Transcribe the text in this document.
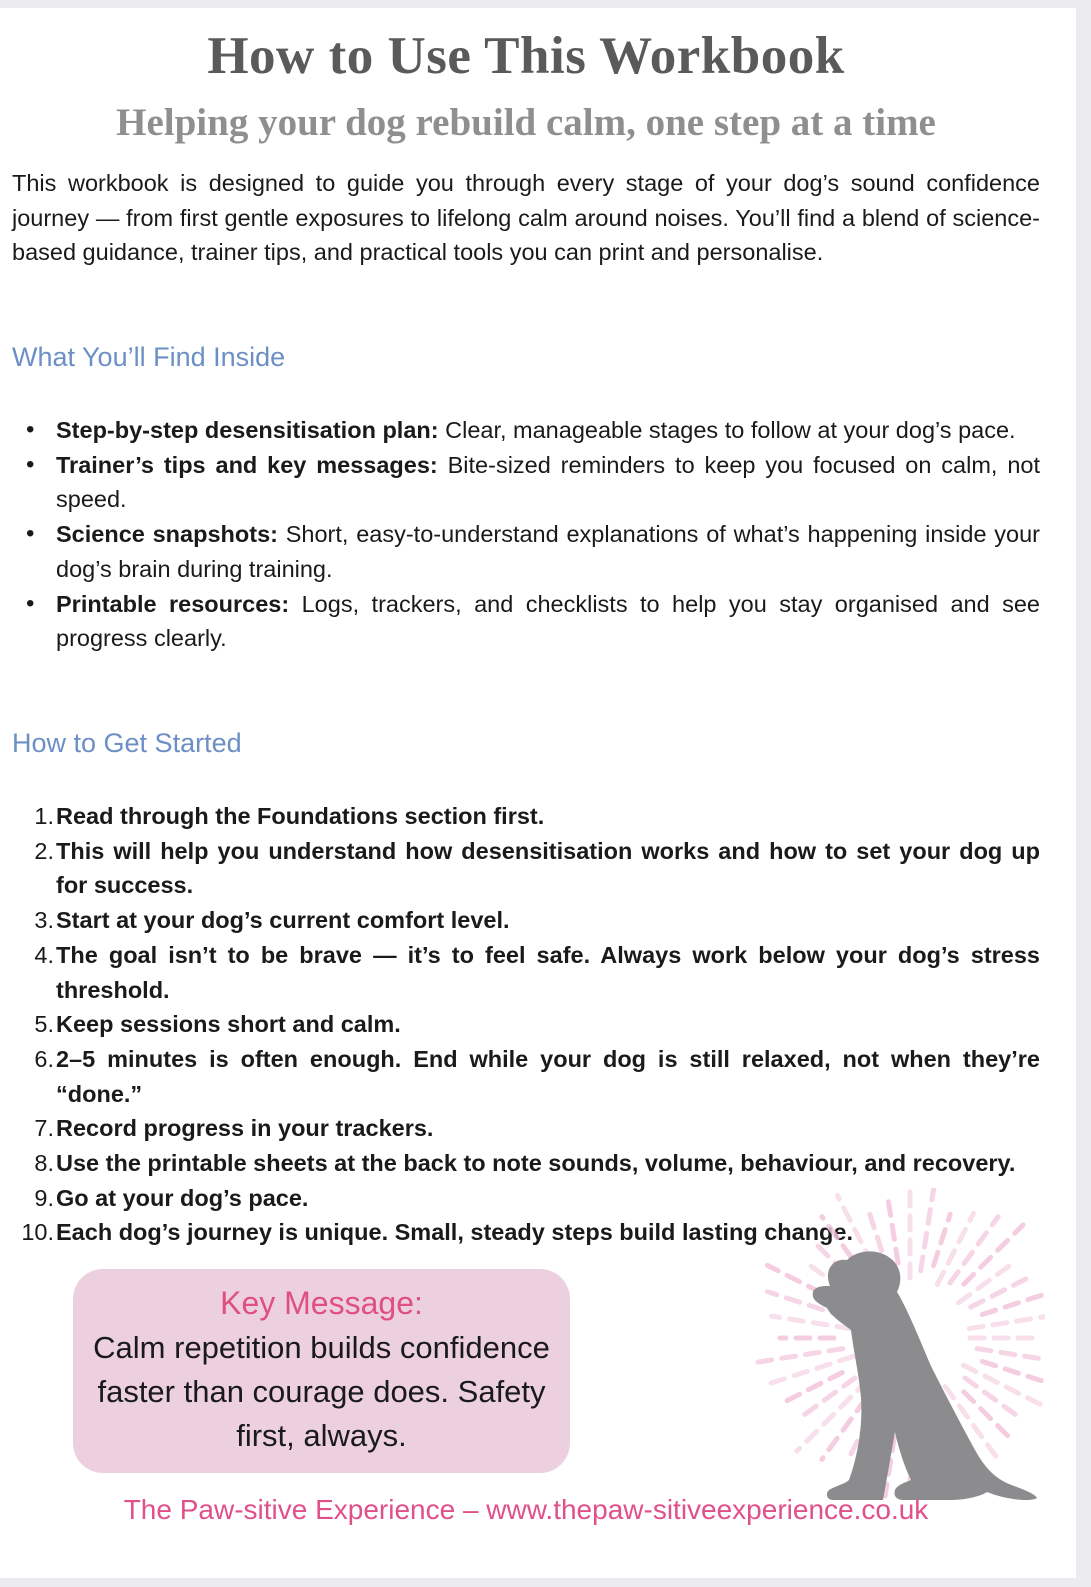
How to Use This Workbook
Helping your dog rebuild calm, one step at a time

This workbook is designed to guide you through every stage of your dog’s sound confidence journey — from first gentle exposures to lifelong calm around noises. You’ll find a blend of science-based guidance, trainer tips, and practical tools you can print and personalise.

What You’ll Find Inside
• Step-by-step desensitisation plan: Clear, manageable stages to follow at your dog’s pace.
• Trainer’s tips and key messages: Bite-sized reminders to keep you focused on calm, not speed.
• Science snapshots: Short, easy-to-understand explanations of what’s happening inside your dog’s brain during training.
• Printable resources: Logs, trackers, and checklists to help you stay organised and see progress clearly.
How to Get Started
1. Read through the Foundations section first.
2. This will help you understand how desensitisation works and how to set your dog up for success.
3. Start at your dog’s current comfort level.
4. The goal isn’t to be brave — it’s to feel safe. Always work below your dog’s stress threshold.
5. Keep sessions short and calm.
6. 2–5 minutes is often enough. End while your dog is still relaxed, not when they’re “done.”
7. Record progress in your trackers.
8. Use the printable sheets at the back to note sounds, volume, behaviour, and recovery.
9. Go at your dog’s pace.
10. Each dog’s journey is unique. Small, steady steps build lasting change.
Key Message:
Calm repetition builds confidence faster than courage does. Safety first, always.

The Paw-sitive Experience – www.thepaw-sitiveexperience.co.uk
